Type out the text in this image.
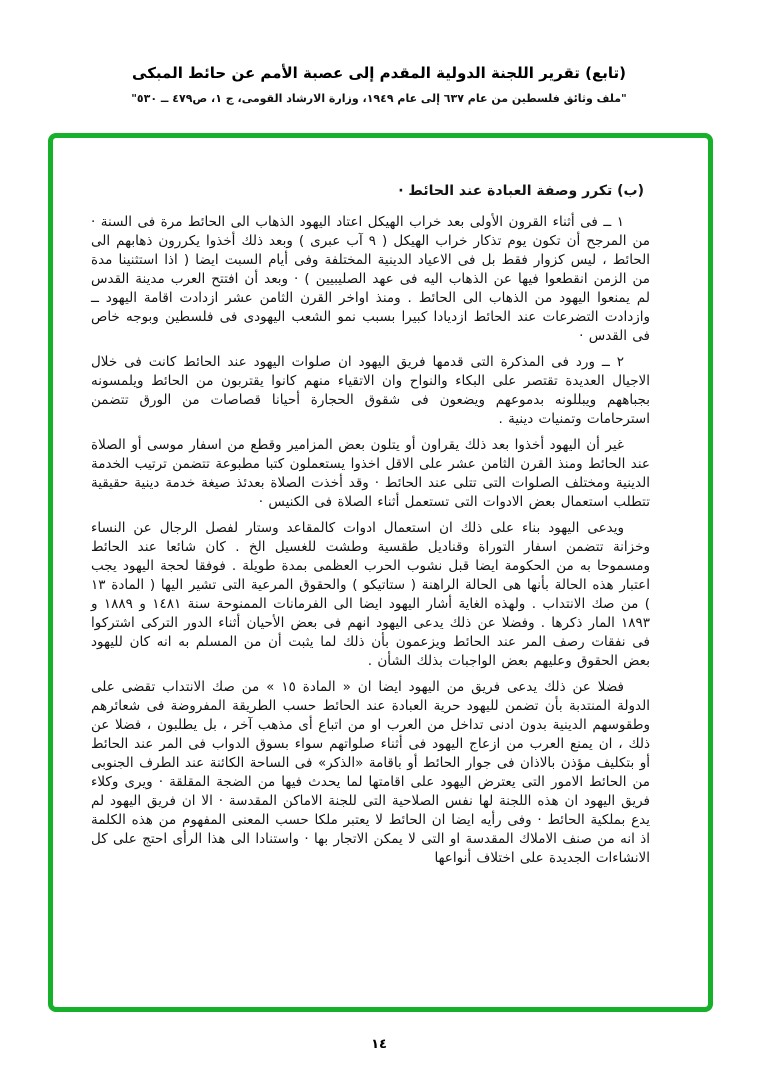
(تابع) تقرير اللجنة الدولية المقدم إلى عصبة الأمم عن حائط المبكى
"ملف وثائق فلسطين من عام ٦٣٧ إلى عام ١٩٤٩، وزارة الارشاد القومى، ج ١، ص٤٧٩ ــ ٥٣٠"
(ب) تكرر وصفة العبادة عند الحائط ·

١ ــ فى أثناء القرون الأولى بعد خراب الهيكل اعتاد اليهود الذهاب الى الحائط مرة فى السنة · من المرجح أن تكون يوم تذكار خراب الهيكل ( ٩ آب عبرى ) وبعد ذلك أخذوا يكررون ذهابهم الى الحائط ، ليس كزوار فقط بل فى الاعياد الدينية المختلفة وفى أيام السبت ايضا ( اذا استثنينا مدة من الزمن انقطعوا فيها عن الذهاب اليه فى عهد الصليبيين ) · وبعد أن افتتح العرب مدينة القدس لم يمنعوا اليهود من الذهاب الى الحائط . ومنذ اواخر القرن الثامن عشر ازدادت اقامة اليهود ــ وازدادت التضرعات عند الحائط ازديادا كبيرا بسبب نمو الشعب اليهودى فى فلسطين وبوجه خاص فى القدس ·

٢ ــ ورد فى المذكرة التى قدمها فريق اليهود ان صلوات اليهود عند الحائط كانت فى خلال الاجيال العديدة تقتصر على البكاء والنواح وان الاتقياء منهم كانوا يقتربون من الحائط ويلمسونه بجباههم ويبللونه بدموعهم ويضعون فى شقوق الحجارة أحيانا قصاصات من الورق تتضمن استرحامات وتمنيات دينية .

غير أن اليهود أخذوا بعد ذلك يقراون أو يتلون بعض المزامير وقطع من اسفار موسى أو الصلاة عند الحائط ومنذ القرن الثامن عشر على الاقل اخذوا يستعملون كتبا مطبوعة تتضمن ترتيب الخدمة الدينية ومختلف الصلوات التى تتلى عند الحائط · وقد أخذت الصلاة بعدئذ صيغة خدمة دينية حقيقية تتطلب استعمال بعض الادوات التى تستعمل أثناء الصلاة فى الكنيس ·

ويدعى اليهود بناء على ذلك ان استعمال ادوات كالمقاعد وستار لفصل الرجال عن النساء وخزانة تتضمن اسفار التوراة وقناديل طقسية وطشت للغسيل الخ . كان شائعا عند الحائط ومسموحا به من الحكومة ايضا قبل نشوب الحرب العظمى بمدة طويلة . فوفقا لحجة اليهود يجب اعتبار هذه الحالة بأنها هى الحالة الراهنة ( ستاتيكو ) والحقوق المرعية التى تشير اليها ( المادة ١٣ ) من صك الانتداب . ولهذه الغاية أشار اليهود ايضا الى الفرمانات الممنوحة سنة ١٤٨١ و ١٨٨٩ و ١٨٩٣ المار ذكرها . وفضلا عن ذلك يدعى اليهود انهم فى بعض الأحيان أثناء الدور التركى اشتركوا فى نفقات رصف المر عند الحائط ويزعمون بأن ذلك لما يثبت أن من المسلم به انه كان لليهود بعض الحقوق وعليهم بعض الواجبات بذلك الشأن .

فضلا عن ذلك يدعى فريق من اليهود ايضا ان « المادة ١٥ » من صك الانتداب تقضى على الدولة المنتدبة بأن تضمن لليهود حرية العبادة عند الحائط حسب الطريقة المفروضة فى شعائرهم وطقوسهم الدينية بدون ادنى تداخل من العرب او من اتباع أى مذهب آخر ، بل يطلبون ، فضلا عن ذلك ، ان يمنع العرب من ازعاج اليهود فى أثناء صلواتهم سواء بسوق الدواب فى المر عند الحائط أو بتكليف مؤذن بالاذان فى جوار الحائط أو باقامة «الذكر» فى الساحة الكائنة عند الطرف الجنوبى من الحائط الامور التى يعترض اليهود على اقامتها لما يحدث فيها من الضجة المقلقة · ويرى وكلاء فريق اليهود ان هذه اللجنة لها نفس الصلاحية التى للجنة الاماكن المقدسة · الا ان فريق اليهود لم يدع بملكية الحائط · وفى رأيه ايضا ان الحائط لا يعتبر ملكا حسب المعنى المفهوم من هذه الكلمة اذ انه من صنف الاملاك المقدسة او التى لا يمكن الاتجار بها · واستنادا الى هذا الرأى احتج على كل الانشاءات الجديدة على اختلاف أنواعها

١٤
